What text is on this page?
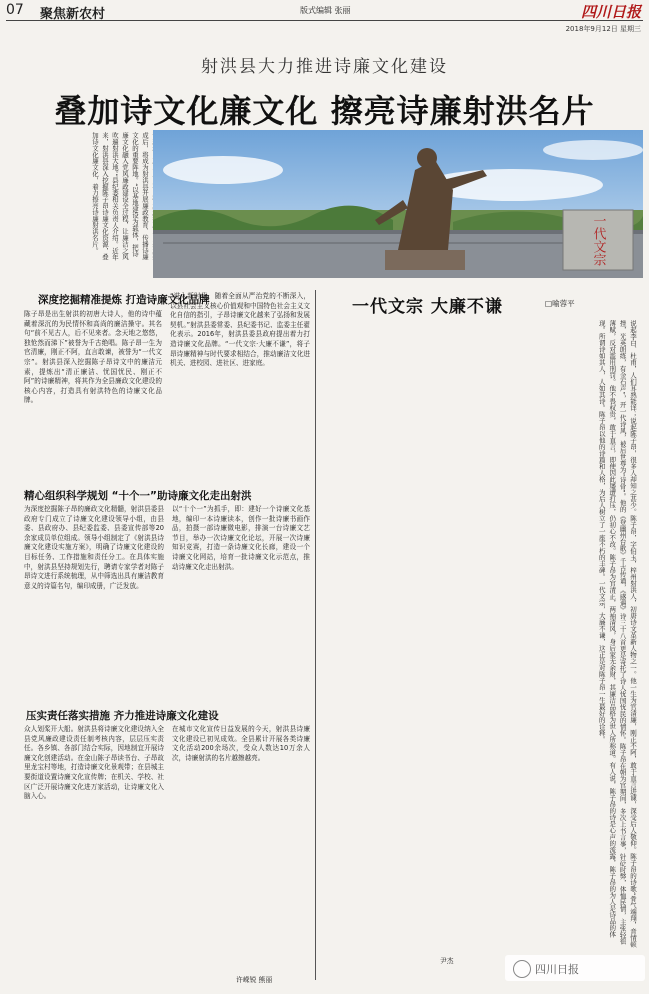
07 聚焦新农村	版式编辑 张丽	四川日报
2018年9月12日 星期三
射洪县大力推进诗廉文化建设
叠加诗文化廉文化 擦亮诗廉射洪名片
成后，将成为射洪县开展廉政教育、传播诗廉文化的重要阵地。“以基地建设为载体，把诗廉文化融入党风廉政建设全过程，让廉洁之风吹遍射洪大地。”县纪委相关负责人介绍。近年来，射洪县深入挖掘陈子昂诗廉文化资源，叠加诗文化廉文化，着力擦亮诗廉射洪名片。	一代文宗
深度挖掘精准提炼 打造诗廉文化品牌
陈子昂是出生射洪的初唐大诗人，他的诗中蕴藏着深沉的为民情怀和高尚的廉洁操守。其名句“前不见古人，后不见来者。念天地之悠悠，独怆然而涕下”被誉为千古绝唱。陈子昂一生为官清廉，刚正不阿，直言敢谏，被誉为“一代文宗”。射洪县深入挖掘陈子昂诗文中的廉洁元素，提炼出“清正廉洁、忧国忧民、刚正不阿”的诗廉精神，将其作为全县廉政文化建设的核心内容，打造具有射洪特色的诗廉文化品牌。
“进入新时代，随着全面从严治党的不断深入，以县社会主义核心价值观和中国特色社会主义文化自信的指引，子昂诗廉文化越来了弘扬和发展契机。”射洪县委常委、县纪委书记、监委主任翟化表示。2016年，射洪县委县政府提出着力打造诗廉文化品牌。“一代文宗·大廉不谦”，将子昂诗廉精神与时代要求相结合，推动廉洁文化进机关、进校园、进社区、进家庭。
精心组织科学规划 “十个一”助诗廉文化走出射洪
为深度挖掘陈子昂的廉政文化精髓，射洪县委县政府专门成立了诗廉文化建设领导小组，由县委、县政府办、县纪委监委、县委宣传部等20余家成员单位组成。领导小组制定了《射洪县诗廉文化建设实施方案》，明确了诗廉文化建设的目标任务、工作措施和责任分工。在具体实施中，射洪县坚持规划先行，聘请专家学者对陈子昂诗文进行系统梳理，从中筛选出具有廉洁教育意义的诗篇名句，编印成册，广泛发放。
以“十个一”为抓手，即：建好一个诗廉文化基地，编印一本诗廉读本，创作一批诗廉书画作品，拍摄一部诗廉微电影，排演一台诗廉文艺节目，举办一次诗廉文化论坛，开展一次诗廉知识竞赛，打造一条诗廉文化长廊，建设一个诗廉文化网站，培育一批诗廉文化示范点，推动诗廉文化走出射洪。
压实责任落实措施 齐力推进诗廉文化建设
众人划桨开大船。射洪县将诗廉文化建设纳入全县党风廉政建设责任制考核内容，层层压实责任。各乡镇、各部门结合实际，因地制宜开展诗廉文化创建活动。在金山陈子昂读书台、子昂故里龙宝村等地，打造诗廉文化景观带；在县城主要街道设置诗廉文化宣传牌；在机关、学校、社区广泛开展诗廉文化进万家活动，让诗廉文化入脑入心。
在城市文化宣传日益发展的今天，射洪县诗廉文化建设已初见成效。全县累计开展各类诗廉文化活动200余场次，受众人数达10万余人次，诗廉射洪的名片越擦越亮。
许嵘锐 熊丽
一代文宗 大廉不谦	□喻蓉平
说起李白、杜甫，人们耳熟能详；说起陈子昂，很多人却知之甚少。陈子昂，字伯玉，梓州射洪人，初唐诗文革新人物之一。他一生为官清廉，刚正不阿，敢于直言进谏，深受后人敬仰。陈子昂的诗歌“骨气端翔，音情顿挫，光英朗练，有金石声”，开一代诗风，被后世尊为“诗骨”。他的《登幽州台歌》千古传诵，《感遇》诗三十八首更是寄托了诗人忧国忧民的情怀。陈子昂在朝为官期间，多次上书言事，针砭时弊，体恤民情，主张轻徭薄赋，反对滥用刑罚。他不畏权贵，敢于直言，即使因此屡遭打压，仍初心不改。陈子昂为官清正，两袖清风，身后家无余财，其廉洁品格为世人所称道。有人说，陈子昂的诗是心声的流露，陈子昂的为人是诗品的体现。所谓诗如其人，人如其诗。陈子昂以他的诗篇和人格，为后人树立了一座不朽的丰碑。一代文宗，大廉不谦，这正是对陈子昂一生最好的诠释。
尹杰
四川日报
